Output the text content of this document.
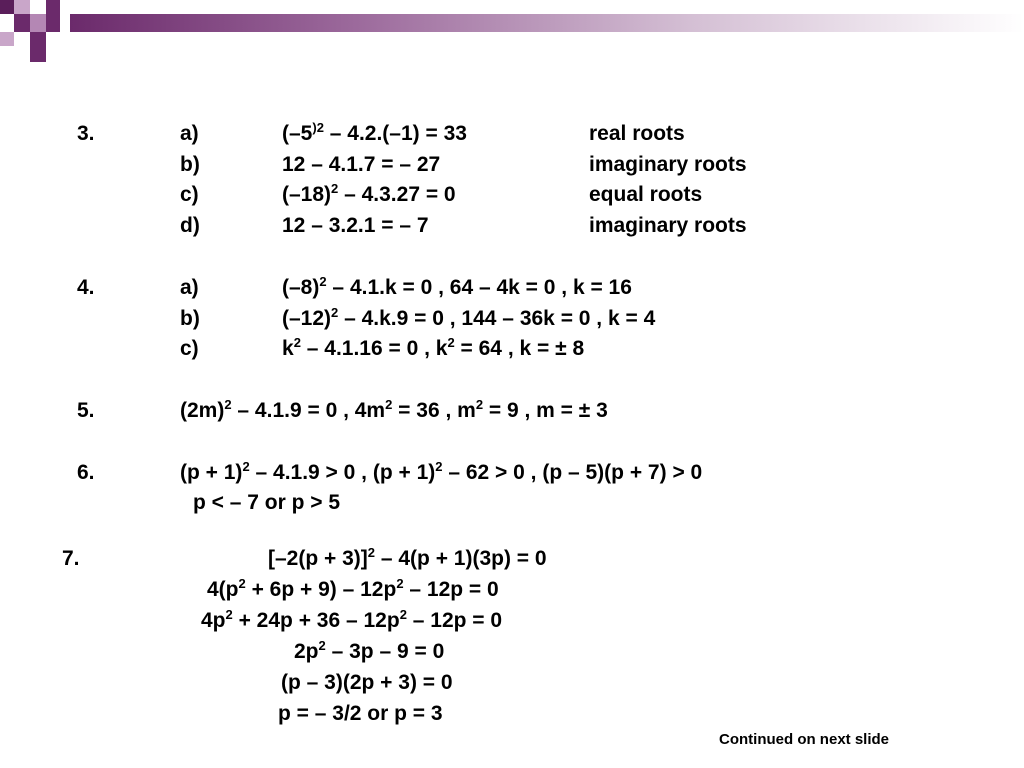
3.	a)	($-5^{)2} - 4.2.(-1) = 33$	real roots
b)	12 – 4.1.7 = – 27	imaginary roots
c)	$(-18)^2 - 4.3.27 = 0$	equal roots
d)	12 – 3.2.1 = – 7	imaginary roots
4.	a)	$(-8)^2 - 4.1.k = 0$ , 64 – 4k = 0 , k = 16
b)	$(-12)^2 - 4.k.9 = 0$ , 144 – 36k = 0 , k = 4
c)	$k^2 - 4.1.16 = 0$ , $k^2 = 64$ , k = ± 8
5.	$(2m)^2 - 4.1.9 = 0$ , $4m^2 = 36$ , $m^2 = 9$ , m = ± 3
6.	$(p + 1)^2 - 4.1.9 > 0$ , $(p + 1)^2 - 62 > 0$ , (p – 5)(p + 7) > 0
p < – 7 or p > 5
7.	$[-2(p + 3)]^2 - 4(p + 1)(3p) = 0$
$4(p^2 + 6p + 9) - 12p^2 - 12p = 0$
$4p^2 + 24p + 36 - 12p^2 - 12p = 0$
$2p^2 - 3p - 9 = 0$
(p – 3)(2p + 3) = 0
p = – 3/2 or p = 3
Continued on next slide
